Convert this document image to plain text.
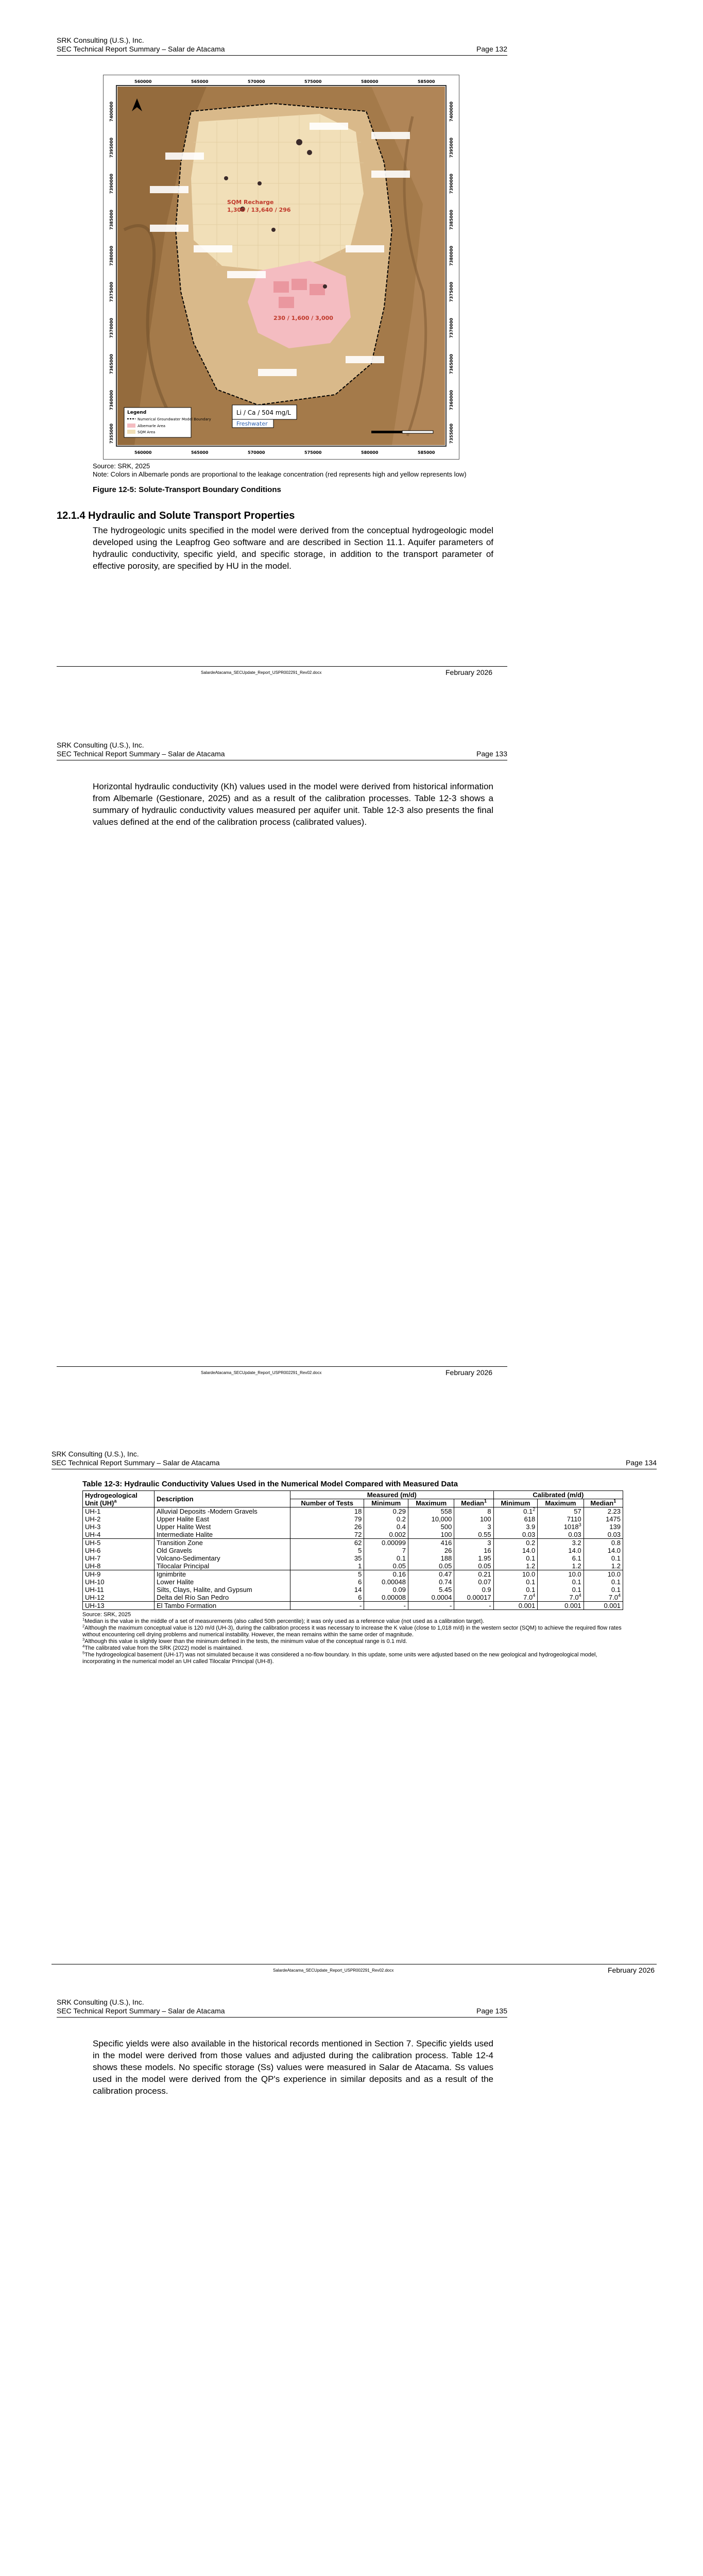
SRK Consulting (U.S.), Inc.
SEC Technical Report Summary – Salar de Atacama	Page 132
SQM Recharge
1,300 / 13,640 / 296
230 / 1,600 / 3,000
Li / Ca / 504 mg/L
Freshwater
Legend
Numerical Groundwater Model Boundary
Albemarle Area
SQM Area
560000	565000	570000	575000	580000	585000
560000	565000	570000	575000	580000	585000
7400000
7395000
7390000
7385000
7380000
7375000
7370000
7365000
7360000
7355000
7400000
7395000
7390000
7385000
7380000
7375000
7370000
7365000
7360000
7355000
Source: SRK, 2025
Note: Colors in Albemarle ponds are proportional to the leakage concentration (red represents high and yellow represents low)
Figure 12-5: Solute-Transport Boundary Conditions
12.1.4 Hydraulic and Solute Transport Properties
The hydrogeologic units specified in the model were derived from the conceptual hydrogeologic model developed using the Leapfrog Geo software and are described in Section 11.1. Aquifer parameters of hydraulic conductivity, specific yield, and specific storage, in addition to the transport parameter of effective porosity, are specified by HU in the model.
SalardeAtacama_SECUpdate_Report_USPR002291_Rev02.docx	February 2026
SRK Consulting (U.S.), Inc.
SEC Technical Report Summary – Salar de Atacama	Page 133
Horizontal hydraulic conductivity (Kh) values used in the model were derived from historical information from Albemarle (Gestionare, 2025) and as a result of the calibration processes. Table 12-3 shows a summary of hydraulic conductivity values measured per aquifer unit. Table 12-3 also presents the final values defined at the end of the calibration process (calibrated values).
SalardeAtacama_SECUpdate_Report_USPR002291_Rev02.docx	February 2026
SRK Consulting (U.S.), Inc.
SEC Technical Report Summary – Salar de Atacama	Page 134
Table 12-3: Hydraulic Conductivity Values Used in the Numerical Model Compared with Measured Data
Hydrogeological Unit (UH)$^a$	Description	Measured (m/d)				Calibrated (m/d)		
		Number of Tests	Minimum	Maximum	Median$^1$	Minimum	Maximum	Median$^1$
UH-1	Alluvial Deposits -Modern Gravels	18	0.29	558	8	$0.1^2$	57	2.23
UH-2	Upper Halite East	79	0.2	10,000	100	618	7110	1475
UH-3	Upper Halite West	26	0.4	500	3	3.9	1018$^3$	139
UH-4	Intermediate Halite	72	0.002	100	0.55	0.03	0.03	0.03
UH-5	Transition Zone	62	0.00099	416	3	0.2	3.2	0.8
UH-6	Old Gravels	5	7	26	16	14.0	14.0	14.0
UH-7	Volcano-Sedimentary	35	0.1	188	1.95	0.1	6.1	0.1
UH-8	Tilocalar Principal	1	0.05	0.05	0.05	1.2	1.2	1.2
UH-9	Ignimbrite	5	0.16	0.47	0.21	10.0	10.0	10.0
UH-10	Lower Halite	6	0.00048	0.74	0.07	0.1	0.1	0.1
UH-11	Silts, Clays, Halite, and Gypsum	14	0.09	5.45	0.9	0.1	0.1	0.1
UH-12	Delta del Río San Pedro	6	0.00008	0.0004	0.00017	$7.0^4$	$7.0^4$	$7.0^4$
UH-13	El Tambo Formation	-	-	-	-	0.001	0.001	0.001
Source: SRK, 2025
$^1$Median is the value in the middle of a set of measurements (also called 50th percentile); it was only used as a reference value (not used as a calibration target).
$^2$Although the maximum conceptual value is 120 m/d (UH-3), during the calibration process it was necessary to increase the K value (close to 1,018 m/d) in the western sector (SQM) to achieve the required flow rates without encountering cell drying problems and numerical instability. However, the mean remains within the same order of magnitude.
$^3$Although this value is slightly lower than the minimum defined in the tests, the minimum value of the conceptual range is 0.1 m/d.
$^4$The calibrated value from the SRK (2022) model is maintained.
$^5$The hydrogeological basement (UH-17) was not simulated because it was considered a no-flow boundary. In this update, some units were adjusted based on the new geological and hydrogeological model, incorporating in the numerical model an UH called Tilocalar Principal (UH-8).
SalardeAtacama_SECUpdate_Report_USPR002291_Rev02.docx	February 2026
SRK Consulting (U.S.), Inc.
SEC Technical Report Summary – Salar de Atacama	Page 135
Specific yields were also available in the historical records mentioned in Section 7. Specific yields used in the model were derived from those values and adjusted during the calibration process. Table 12-4 shows these models. No specific storage (Ss) values were measured in Salar de Atacama. Ss values used in the model were derived from the QP's experience in similar deposits and as a result of the calibration process.
